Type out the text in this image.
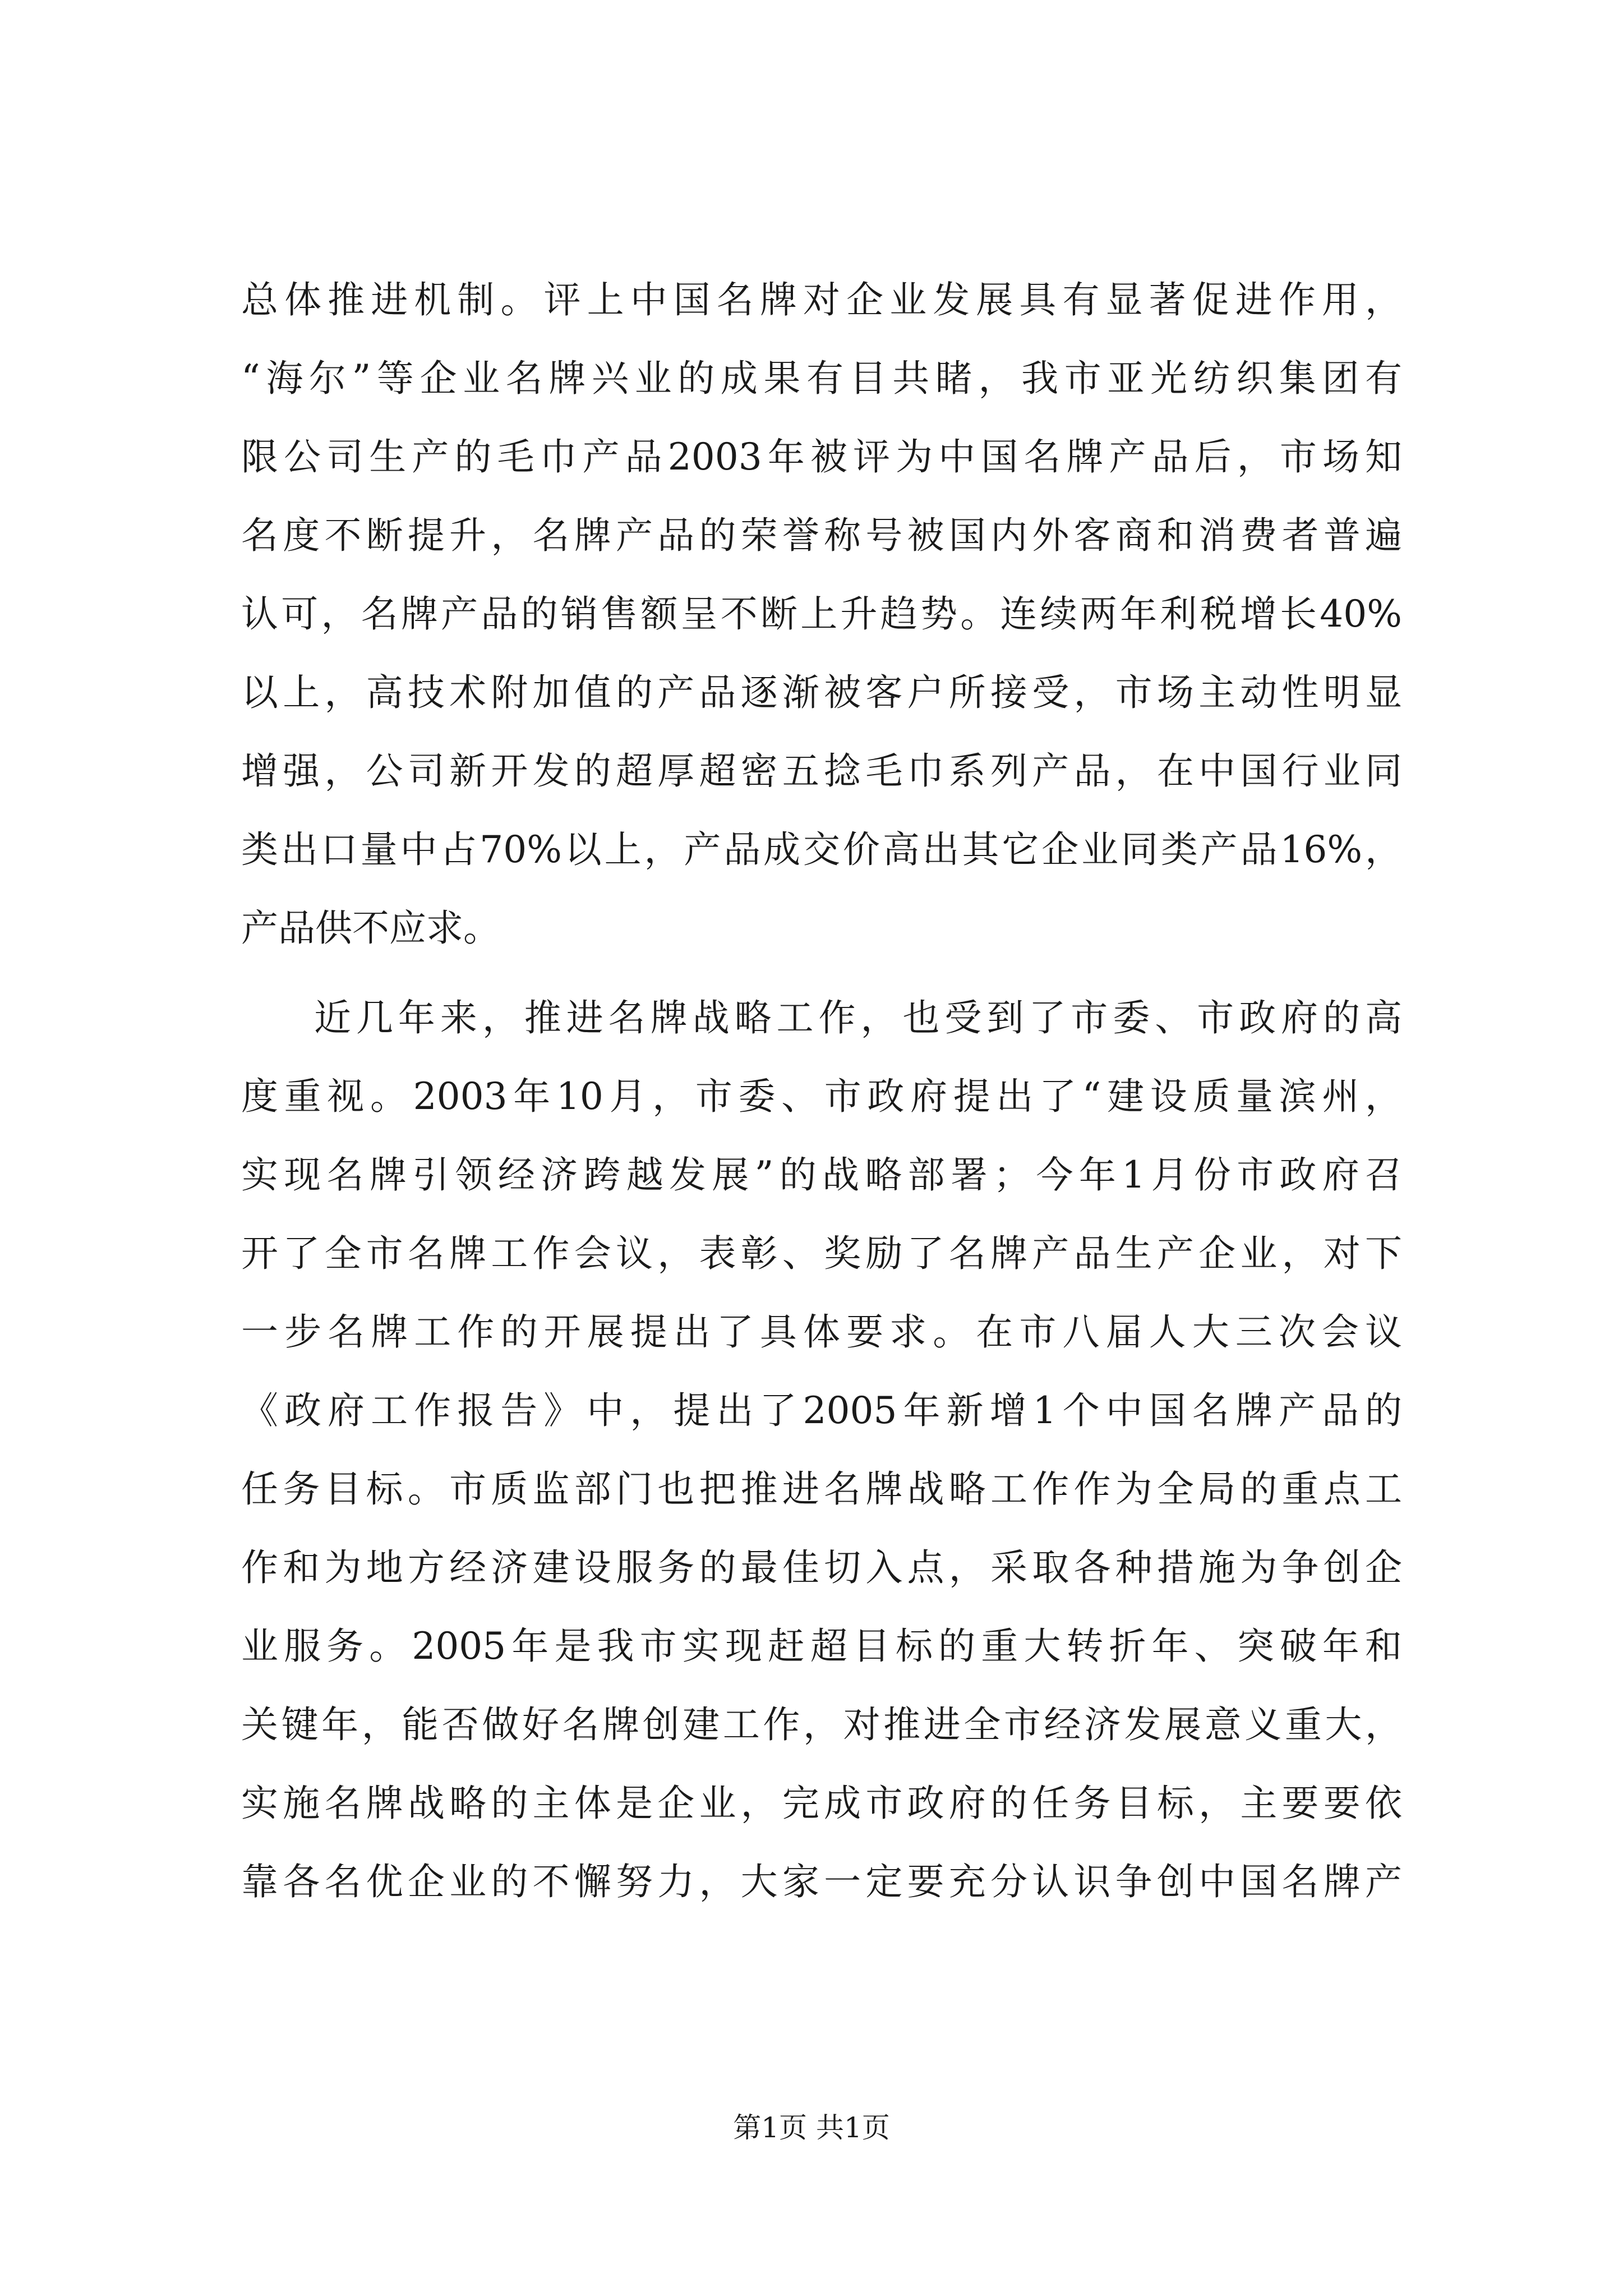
总体推进机制。评上中国名牌对企业发展具有显著促进作用，
“海尔”等企业名牌兴业的成果有目共睹，我市亚光纺织集团有
限公司生产的毛巾产品2003年被评为中国名牌产品后，市场知
名度不断提升，名牌产品的荣誉称号被国内外客商和消费者普遍
认可，名牌产品的销售额呈不断上升趋势。连续两年利税增长40%
以上，高技术附加值的产品逐渐被客户所接受，市场主动性明显
增强，公司新开发的超厚超密五捻毛巾系列产品，在中国行业同
类出口量中占70%以上，产品成交价高出其它企业同类产品16%，
产品供不应求。
近几年来，推进名牌战略工作，也受到了市委、市政府的高
度重视。2003年10月，市委、市政府提出了“建设质量滨州，
实现名牌引领经济跨越发展”的战略部署；今年1月份市政府召
开了全市名牌工作会议，表彰、奖励了名牌产品生产企业，对下
一步名牌工作的开展提出了具体要求。在市八届人大三次会议
《政府工作报告》中，提出了2005年新增1个中国名牌产品的
任务目标。市质监部门也把推进名牌战略工作作为全局的重点工
作和为地方经济建设服务的最佳切入点，采取各种措施为争创企
业服务。2005年是我市实现赶超目标的重大转折年、突破年和
关键年，能否做好名牌创建工作，对推进全市经济发展意义重大，
实施名牌战略的主体是企业，完成市政府的任务目标，主要要依
靠各名优企业的不懈努力，大家一定要充分认识争创中国名牌产
第1页 共1页
